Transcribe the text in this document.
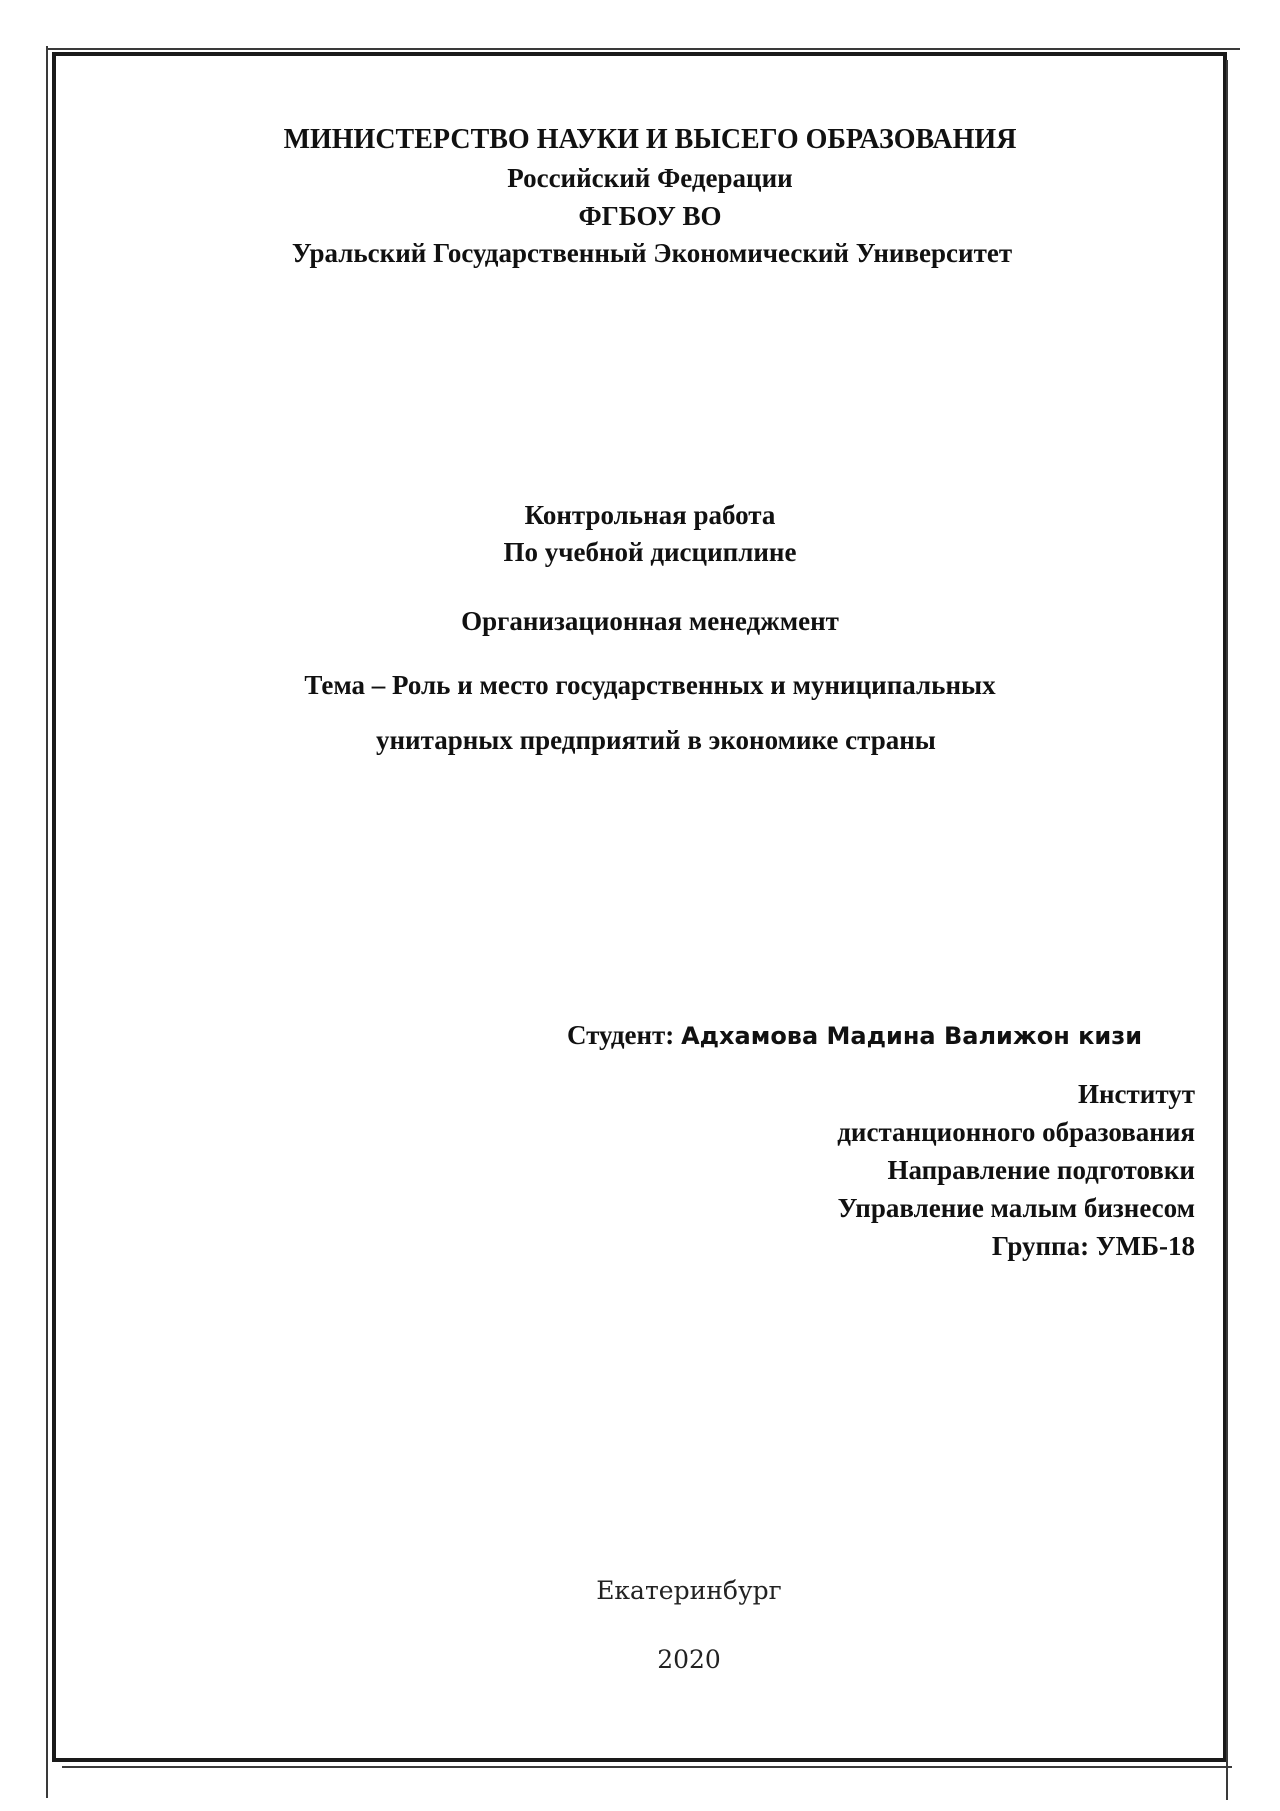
МИНИСТЕРСТВО НАУКИ И ВЫСЕГО ОБРАЗОВАНИЯ
Российский Федерации
ФГБОУ ВО
Уральский Государственный Экономический Университет
Контрольная работа
По учебной дисциплине
Организационная менеджмент
Тема – Роль и место государственных и муниципальных
унитарных предприятий в экономике страны
Студент: Адхамова Мадина Валижон кизи
Институт
дистанционного образования
Направление подготовки
Управление малым бизнесом
Группа: УМБ-18
Екатеринбург
2020
